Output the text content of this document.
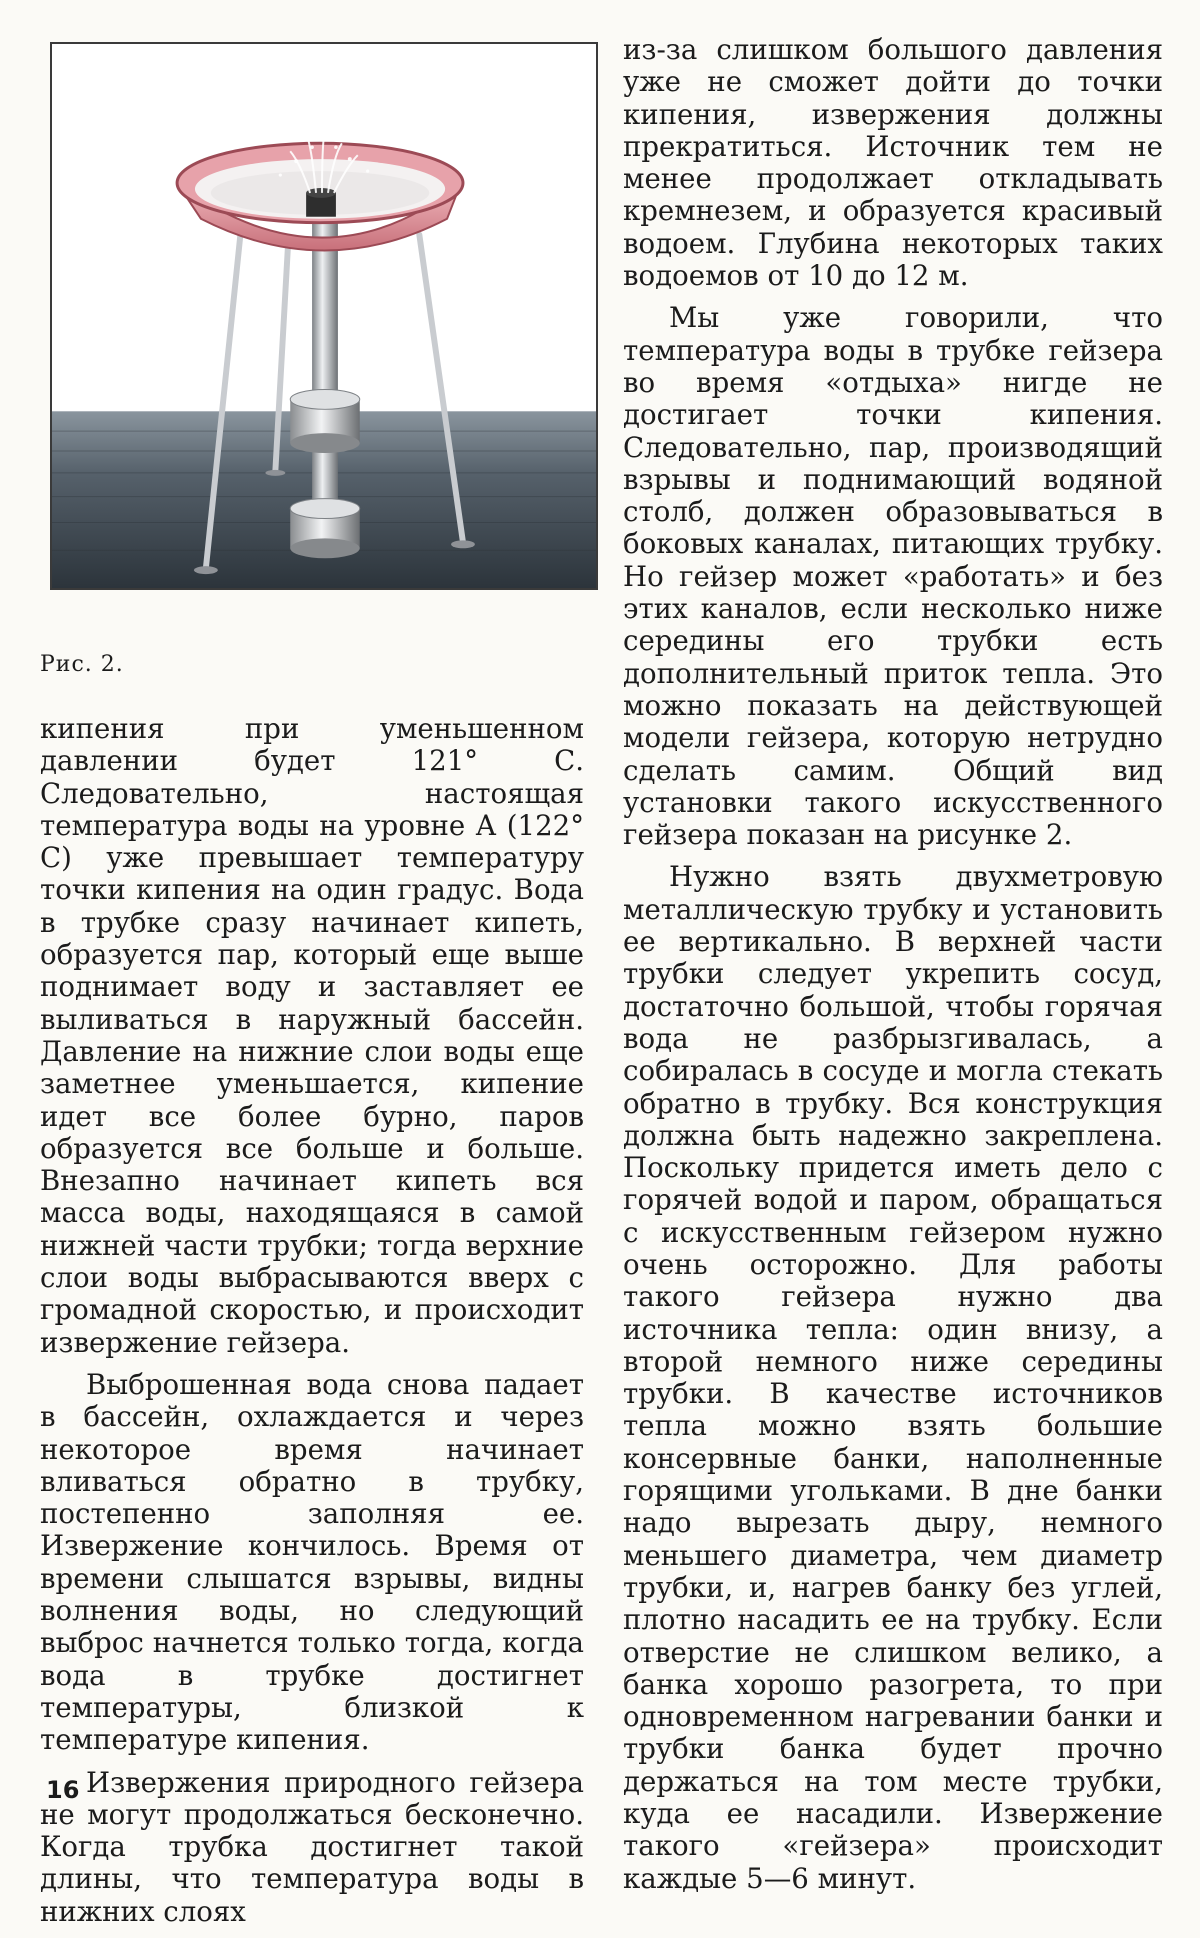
Рис. 2.

кипения при уменьшенном давлении будет 121° С. Следовательно, настоящая температура воды на уровне А (122° С) уже превышает температуру точки кипения на один градус. Вода в трубке сразу начинает кипеть, образуется пар, который еще выше поднимает воду и заставляет ее выливаться в наружный бассейн. Давление на нижние слои воды еще заметнее уменьшается, кипение идет все более бурно, паров образуется все больше и больше. Внезапно начинает кипеть вся масса воды, находящаяся в самой нижней части трубки; тогда верхние слои воды выбрасываются вверх с громадной скоростью, и происходит извержение гейзера.

Выброшенная вода снова падает в бассейн, охлаждается и через некоторое время начинает вливаться обратно в трубку, постепенно заполняя ее. Извержение кончилось. Время от времени слышатся взрывы, видны волнения воды, но следующий выброс начнется только тогда, когда вода в трубке достигнет температуры, близкой к температуре кипения.

Извержения природного гейзера не могут продолжаться бесконечно. Когда трубка достигнет такой длины, что температура воды в нижних слоях

из-за слишком большого давления уже не сможет дойти до точки кипения, извержения должны прекратиться. Источник тем не менее продолжает откладывать кремнезем, и образуется красивый водоем. Глубина некоторых таких водоемов от 10 до 12 м.

Мы уже говорили, что температура воды в трубке гейзера во время «отдыха» нигде не достигает точки кипения. Следовательно, пар, производящий взрывы и поднимающий водяной столб, должен образовываться в боковых каналах, питающих трубку. Но гейзер может «работать» и без этих каналов, если несколько ниже середины его трубки есть дополнительный приток тепла. Это можно показать на действующей модели гейзера, которую нетрудно сделать самим. Общий вид установки такого искусственного гейзера показан на рисунке 2.

Нужно взять двухметровую металлическую трубку и установить ее вертикально. В верхней части трубки следует укрепить сосуд, достаточно большой, чтобы горячая вода не разбрызгивалась, а собиралась в сосуде и могла стекать обратно в трубку. Вся конструкция должна быть надежно закреплена. Поскольку придется иметь дело с горячей водой и паром, обращаться с искусственным гейзером нужно очень осторожно. Для работы такого гейзера нужно два источника тепла: один внизу, а второй немного ниже середины трубки. В качестве источников тепла можно взять большие консервные банки, наполненные горящими угольками. В дне банки надо вырезать дыру, немного меньшего диаметра, чем диаметр трубки, и, нагрев банку без углей, плотно насадить ее на трубку. Если отверстие не слишком велико, а банка хорошо разогрета, то при одновременном нагревании банки и трубки банка будет прочно держаться на том месте трубки, куда ее насадили. Извержение такого «гейзера» происходит каждые 5—6 минут.

16
